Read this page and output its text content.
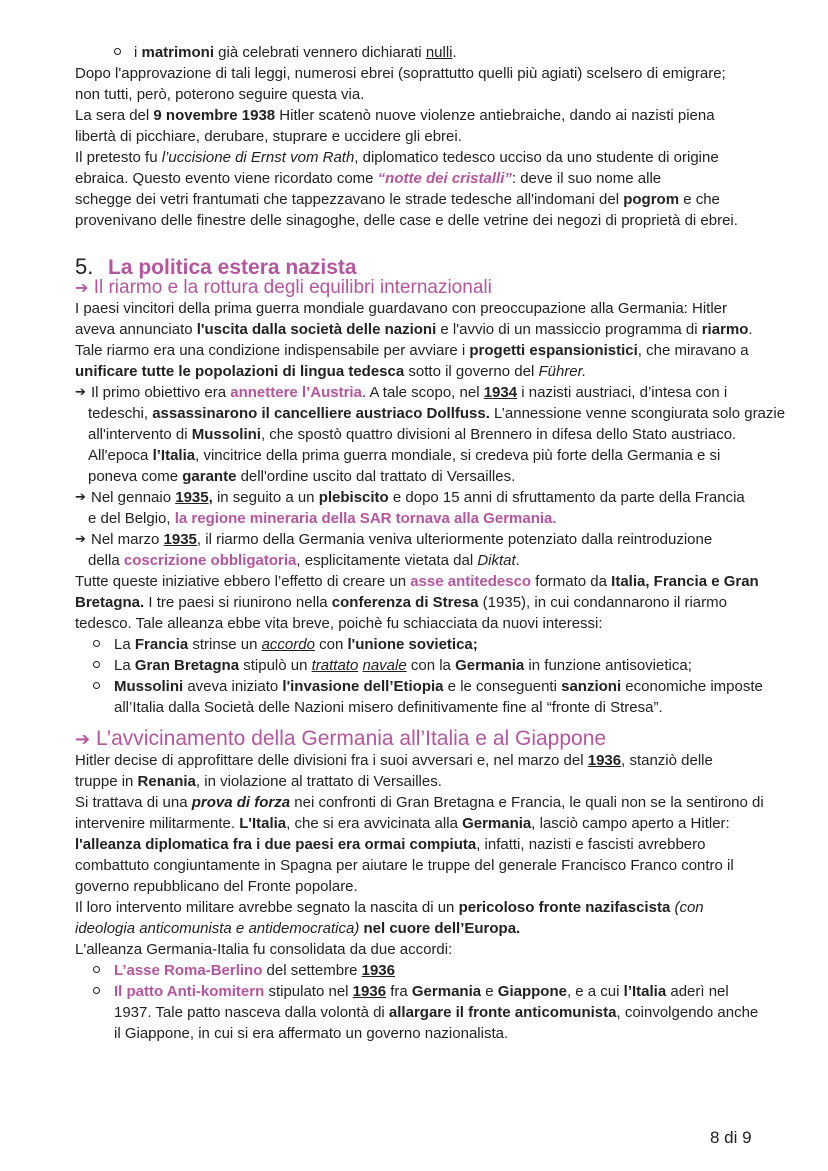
i matrimoni già celebrati vennero dichiarati nulli.
Dopo l'approvazione di tali leggi, numerosi ebrei (soprattutto quelli più agiati) scelsero di emigrare;
non tutti, però, poterono seguire questa via.
La sera del 9 novembre 1938 Hitler scatenò nuove violenze antiebraiche, dando ai nazisti piena
libertà di picchiare, derubare, stuprare e uccidere gli ebrei.
Il pretesto fu l’uccisione di Ernst vom Rath, diplomatico tedesco ucciso da uno studente di origine
ebraica. Questo evento viene ricordato come “notte dei cristalli”: deve il suo nome alle
schegge dei vetri frantumati che tappezzavano le strade tedesche all'indomani del pogrom e che
provenivano delle finestre delle sinagoghe, delle case e delle vetrine dei negozi di proprietà di ebrei.
5. La politica estera nazista
➔ Il riarmo e la rottura degli equilibri internazionali
I paesi vincitori della prima guerra mondiale guardavano con preoccupazione alla Germania: Hitler
aveva annunciato l'uscita dalla società delle nazioni e l'avvio di un massiccio programma di riarmo.
Tale riarmo era una condizione indispensabile per avviare i progetti espansionistici, che miravano a
unificare tutte le popolazioni di lingua tedesca sotto il governo del Führer.
➔ Il primo obiettivo era annettere l’Austria. A tale scopo, nel 1934 i nazisti austriaci, d’intesa con i
tedeschi, assassinarono il cancelliere austriaco Dollfuss. L’annessione venne scongiurata solo grazie
all'intervento di Mussolini, che spostò quattro divisioni al Brennero in difesa dello Stato austriaco.
All'epoca l’Italia, vincitrice della prima guerra mondiale, si credeva più forte della Germania e si
poneva come garante dell'ordine uscito dal trattato di Versailles.
➔ Nel gennaio 1935, in seguito a un plebiscito e dopo 15 anni di sfruttamento da parte della Francia
e del Belgio, la regione mineraria della SAR tornava alla Germania.
➔ Nel marzo 1935, il riarmo della Germania veniva ulteriormente potenziato dalla reintroduzione
della coscrizione obbligatoria, esplicitamente vietata dal Diktat.
Tutte queste iniziative ebbero l’effetto di creare un asse antitedesco formato da Italia, Francia e Gran
Bretagna. I tre paesi si riunirono nella conferenza di Stresa (1935), in cui condannarono il riarmo
tedesco. Tale alleanza ebbe vita breve, poichè fu schiacciata da nuovi interessi:
La Francia strinse un accordo con l'unione sovietica;
La Gran Bretagna stipulò un trattato navale con la Germania in funzione antisovietica;
Mussolini aveva iniziato l'invasione dell’Etiopia e le conseguenti sanzioni economiche imposte
all’Italia dalla Società delle Nazioni misero definitivamente fine al “fronte di Stresa”.
➔ L’avvicinamento della Germania all’Italia e al Giappone
Hitler decise di approfittare delle divisioni fra i suoi avversari e, nel marzo del 1936, stanziò delle
truppe in Renania, in violazione al trattato di Versailles.
Si trattava di una prova di forza nei confronti di Gran Bretagna e Francia, le quali non se la sentirono di
intervenire militarmente. L'Italia, che si era avvicinata alla Germania, lasciò campo aperto a Hitler:
l'alleanza diplomatica fra i due paesi era ormai compiuta, infatti, nazisti e fascisti avrebbero
combattuto congiuntamente in Spagna per aiutare le truppe del generale Francisco Franco contro il
governo repubblicano del Fronte popolare.
Il loro intervento militare avrebbe segnato la nascita di un pericoloso fronte nazifascista (con
ideologia anticomunista e antidemocratica) nel cuore dell’Europa.
L'alleanza Germania-Italia fu consolidata da due accordi:
L’asse Roma-Berlino del settembre 1936
Il patto Anti-komitern stipulato nel 1936 fra Germania e Giappone, e a cui l’Italia aderì nel
1937. Tale patto nasceva dalla volontà di allargare il fronte anticomunista, coinvolgendo anche
il Giappone, in cui si era affermato un governo nazionalista.
8 di 9
